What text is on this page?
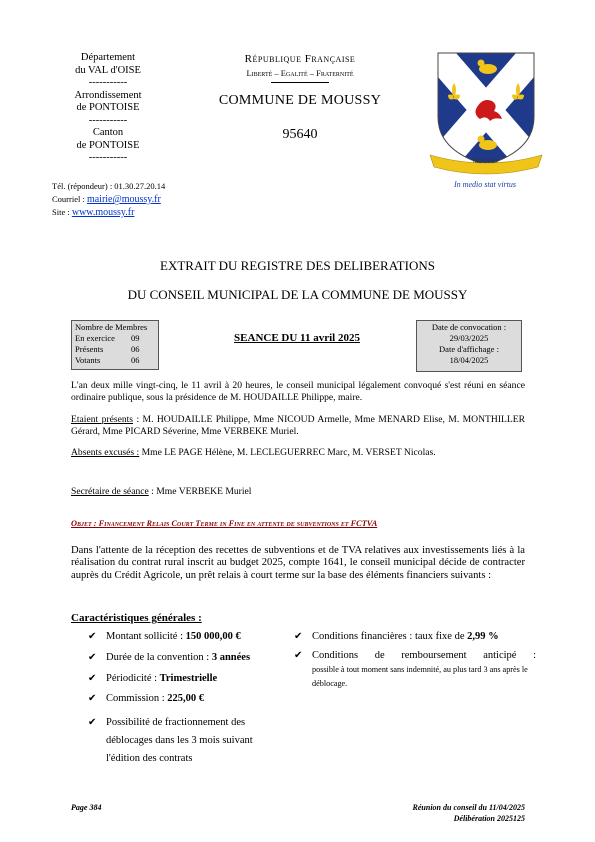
Département
du VAL d'OISE
-----------
Arrondissement
de PONTOISE
-----------
Canton
de PONTOISE
-----------
Tél. (répondeur) : 01.30.27.20.14
Courriel : mairie@moussy.fr
Site : www.moussy.fr
République Française
Liberté – Egalité – Fraternité
COMMUNE DE MOUSSY
95640
MOUSSY
In medio stat virtus
EXTRAIT DU REGISTRE DES DELIBERATIONS
DU CONSEIL MUNICIPAL DE LA COMMUNE DE MOUSSY
Nombre de Membres
En exercice	09
Présents	06
Votants	06
SEANCE DU 11 avril 2025
Date de convocation :
29/03/2025
Date d'affichage :
18/04/2025
L'an deux mille vingt-cinq, le 11 avril à 20 heures, le conseil municipal légalement convoqué s'est réuni en séance ordinaire publique, sous la présidence de M. HOUDAILLE Philippe, maire.
Etaient présents : M. HOUDAILLE Philippe, Mme NICOUD Armelle, Mme MENARD Elise, M. MONTHILLER Gérard, Mme PICARD Séverine, Mme VERBEKE Muriel.
Absents excusés : Mme LE PAGE Hélène, M. LECLEGUERREC Marc, M. VERSET Nicolas.
Secrétaire de séance : Mme VERBEKE Muriel
Objet : Financement Relais Court Terme in Fine en attente de subventions et FCTVA
Dans l'attente de la réception des recettes de subventions et de TVA relatives aux investissements liés à la réalisation du contrat rural inscrit au budget 2025, compte 1641, le conseil municipal décide de contracter auprès du Crédit Agricole, un prêt relais à court terme sur la base des éléments financiers suivants :
Caractéristiques générales :
✔ Montant sollicité : 150 000,00 €
✔ Durée de la convention : 3 années
✔ Périodicité : Trimestrielle
✔ Commission : 225,00 €
✔ Possibilité de fractionnement des déblocages dans les 3 mois suivant l'édition des contrats
✔ Conditions financières : taux fixe de 2,99 %
✔ Conditions de remboursement anticipé :
possible à tout moment sans indemnité, au plus tard 3 ans après le déblocage.
Page 384	Réunion du conseil du 11/04/2025
Délibération 2025125
